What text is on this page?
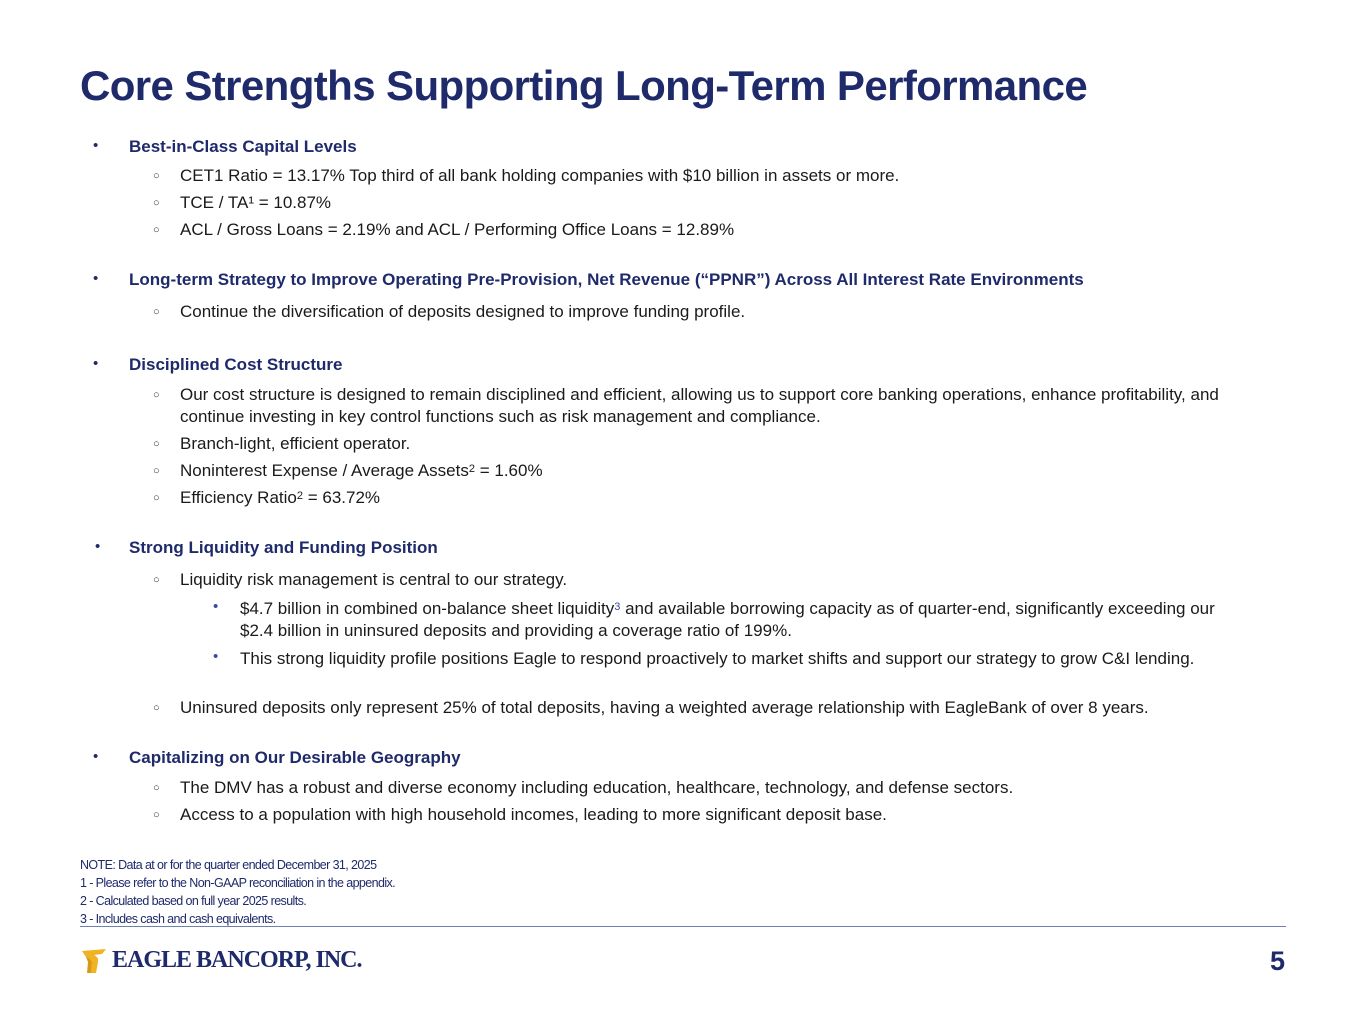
Core Strengths Supporting Long-Term Performance
• Best-in-Class Capital Levels
○ CET1 Ratio = 13.17% Top third of all bank holding companies with $10 billion in assets or more.
○ TCE / TA¹ = 10.87%
○ ACL / Gross Loans = 2.19% and ACL / Performing Office Loans = 12.89%
• Long-term Strategy to Improve Operating Pre-Provision, Net Revenue (“PPNR”) Across All Interest Rate Environments
○ Continue the diversification of deposits designed to improve funding profile.
• Disciplined Cost Structure
○ Our cost structure is designed to remain disciplined and efficient, allowing us to support core banking operations, enhance profitability, and continue investing in key control functions such as risk management and compliance.
○ Branch-light, efficient operator.
○ Noninterest Expense / Average Assets$^2$ = 1.60%
○ Efficiency Ratio$^2$ = 63.72%
• Strong Liquidity and Funding Position
○ Liquidity risk management is central to our strategy.
• $4.7 billion in combined on-balance sheet liquidity$^3$ and available borrowing capacity as of quarter-end, significantly exceeding our $2.4 billion in uninsured deposits and providing a coverage ratio of 199%.
• This strong liquidity profile positions Eagle to respond proactively to market shifts and support our strategy to grow C&I lending.
○ Uninsured deposits only represent 25% of total deposits, having a weighted average relationship with EagleBank of over 8 years.
• Capitalizing on Our Desirable Geography
○ The DMV has a robust and diverse economy including education, healthcare, technology, and defense sectors.
○ Access to a population with high household incomes, leading to more significant deposit base.
NOTE: Data at or for the quarter ended December 31, 2025
1 - Please refer to the Non-GAAP reconciliation in the appendix.
2 - Calculated based on full year 2025 results.
3 - Includes cash and cash equivalents.
EAGLE BANCORP, INC.	5
